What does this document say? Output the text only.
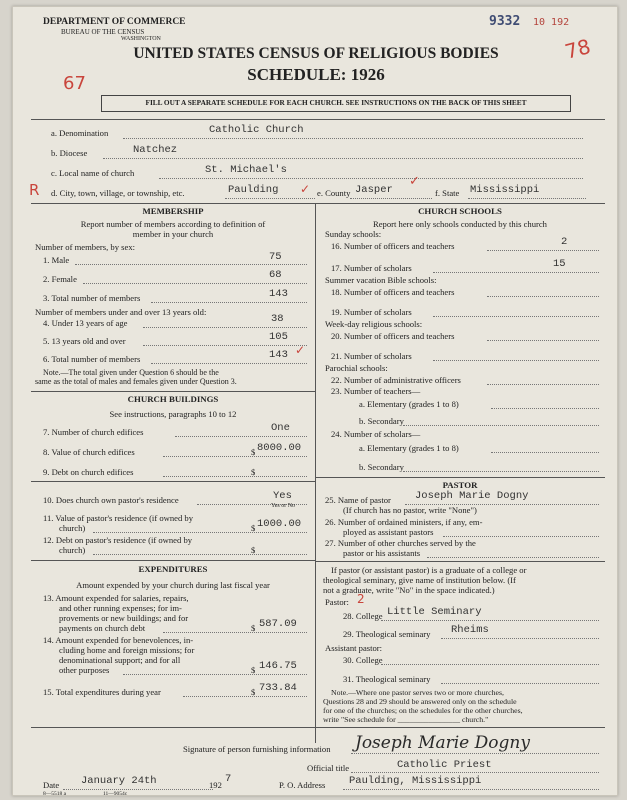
DEPARTMENT OF COMMERCE
BUREAU OF THE CENSUS
WASHINGTON
9332 10 192
78
67
UNITED STATES CENSUS OF RELIGIOUS BODIES
SCHEDULE: 1926
FILL OUT A SEPARATE SCHEDULE FOR EACH CHURCH. SEE INSTRUCTIONS ON THE BACK OF THIS SHEET
a. Denomination	Catholic Church
b. Diocese	Natchez
c. Local name of church	St. Michael's
R d. City, town, village, or township, etc.	Paulding ✓ e. County Jasper
✓
f. State Mississippi
MEMBERSHIP
Report number of members according to definition of
member in your church
Number of members, by sex:
1. Male	75
2. Female	68
3. Total number of members	143
Number of members under and over 13 years old:
4. Under 13 years of age	38
5. 13 years old and over	105
6. Total number of members	143 ✓
Note.—The total given under Question 6 should be the
same as the total of males and females given under Question 3.
CHURCH BUILDINGS
See instructions, paragraphs 10 to 12
7. Number of church edifices	One
8. Value of church edifices	$ 8000.00
9. Debt on church edifices	$
10. Does church own pastor's residence	Yes
Yes or No
11. Value of pastor's residence (if owned by
church)	$ 1000.00
12. Debt on pastor's residence (if owned by
church)	$
EXPENDITURES
Amount expended by your church during last fiscal year
13. Amount expended for salaries, repairs,
and other running expenses; for im-
provements or new buildings; and for
payments on church debt	$ 587.09
14. Amount expended for benevolences, in-
cluding home and foreign missions; for
denominational support; and for all
other purposes	$ 146.75
15. Total expenditures during year	$ 733.84
CHURCH SCHOOLS
Report here only schools conducted by this church
Sunday schools:
16. Number of officers and teachers	2
17. Number of scholars	15
Summer vacation Bible schools:
18. Number of officers and teachers
19. Number of scholars
Week-day religious schools:
20. Number of officers and teachers
21. Number of scholars
Parochial schools:
22. Number of administrative officers
23. Number of teachers—
a. Elementary (grades 1 to 8)
b. Secondary
24. Number of scholars—
a. Elementary (grades 1 to 8)
b. Secondary
PASTOR
25. Name of pastor Joseph Marie Dogny
(If church has no pastor, write "None")
26. Number of ordained ministers, if any, em-
ployed as assistant pastors
27. Number of other churches served by the
pastor or his assistants
If pastor (or assistant pastor) is a graduate of a college or
theological seminary, give name of institution below. (If
not a graduate, write "No" in the space indicated.)
Pastor: 2
28. College Little Seminary
29. Theological seminary Rheims
Assistant pastor:
30. College
31. Theological seminary
Note.—Where one pastor serves two or more churches,
Questions 28 and 29 should be answered only on the schedule
for one of the churches; on the schedules for the other churches,
write "See schedule for ________________ church."
Signature of person furnishing information Joseph Marie Dogny
Official title	Catholic Priest
Date January 24th	192 7
8—5518 a	11—9054c
P. O. Address Paulding, Mississippi
